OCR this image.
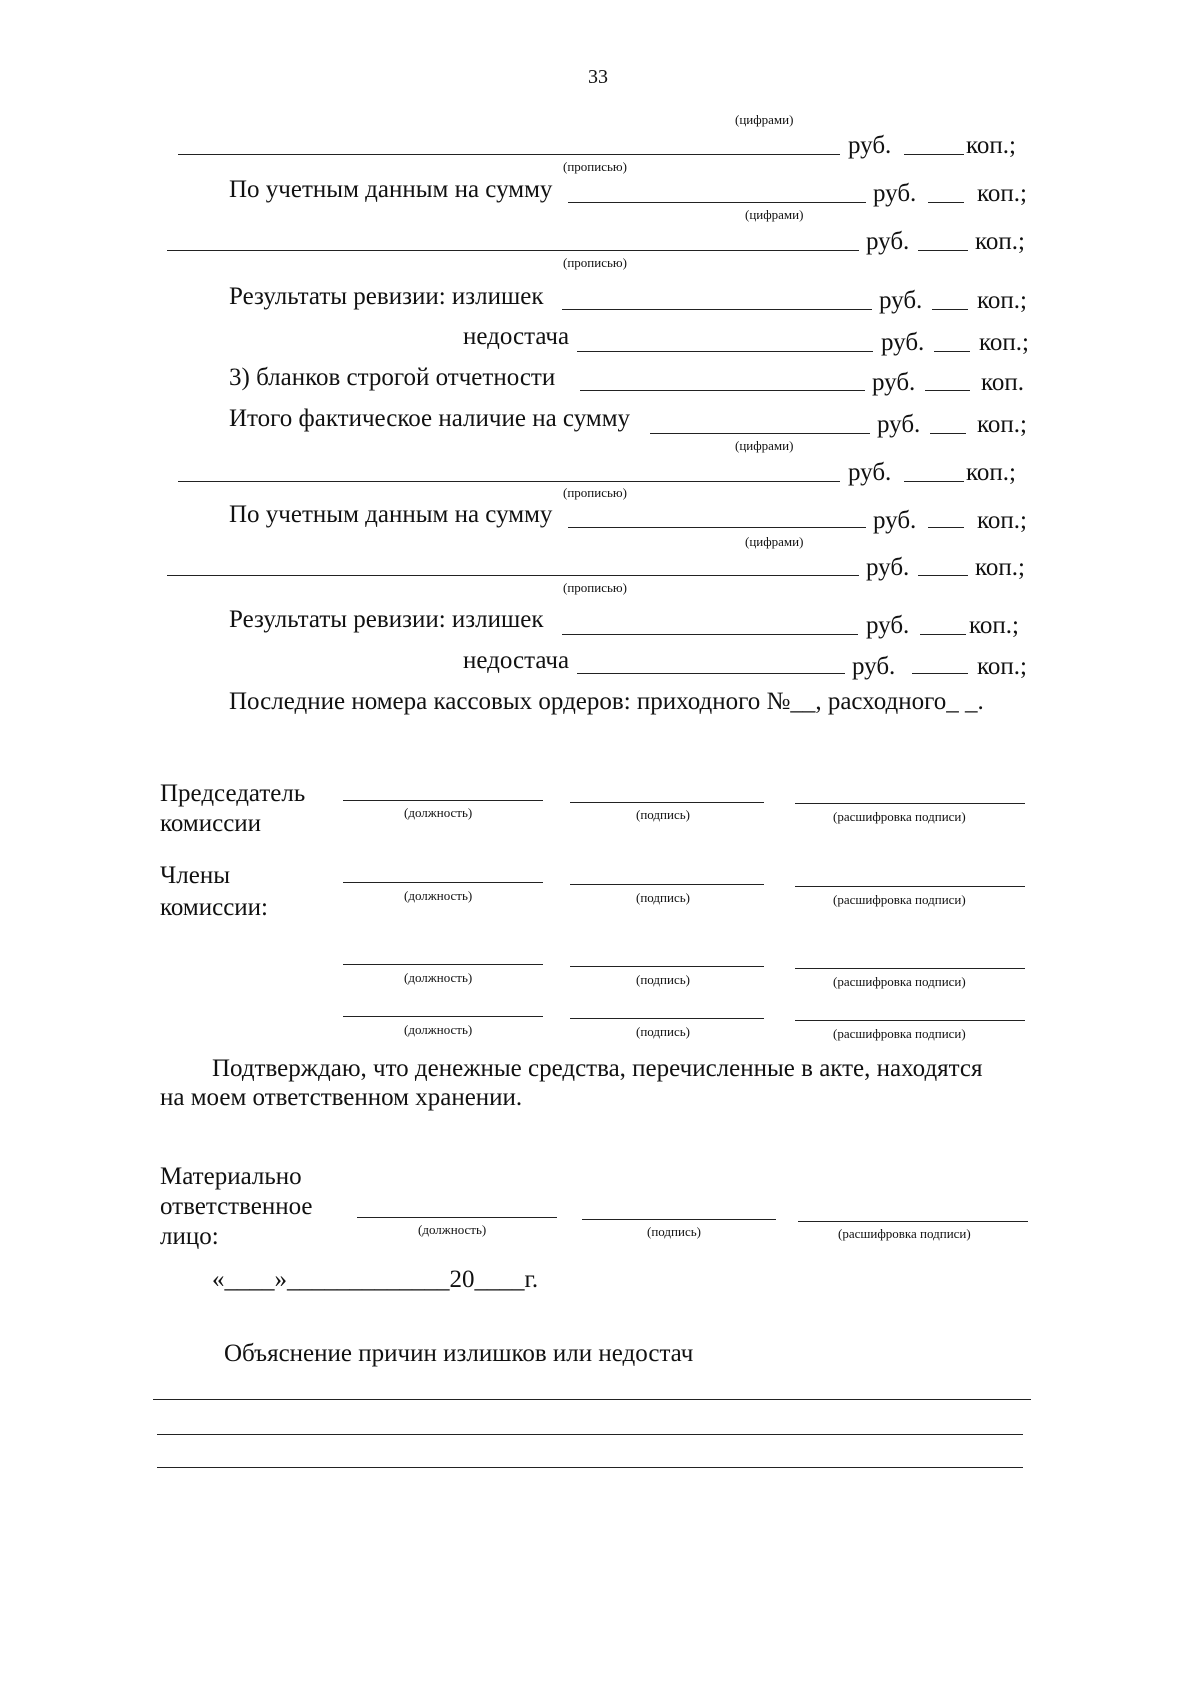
33
(цифрами)
руб.	коп.;
(прописью)
По учетным данным на сумму	руб. коп.;
(цифрами)
руб.	коп.;
(прописью)
Результаты ревизии: излишек	руб. коп.;
недостача	руб. коп.;
3) бланков строгой отчетности	руб.	коп.
Итого фактическое наличие на сумму	руб. коп.;
(цифрами)
руб.	коп.;
(прописью)
По учетным данным на сумму	руб. коп.;
(цифрами)
руб.	коп.;
(прописью)
Результаты ревизии: излишек	руб. коп.;
недостача	руб.	коп.;
Последние номера кассовых ордеров: приходного №__, расходного_ _.
Председатель
комиссии	(должность)	(подпись)	(расшифровка подписи)
Члены
комиссии:	(должность)	(подпись)	(расшифровка подписи)
(должность)	(подпись)	(расшифровка подписи)
(должность)	(подпись)	(расшифровка подписи)
Подтверждаю, что денежные средства, перечисленные в акте, находятся
на моем ответственном хранении.
Материально
ответственное
лицо:	(должность)	(подпись)	(расшифровка подписи)
«____»_____________20____г.
Объяснение причин излишков или недостач
